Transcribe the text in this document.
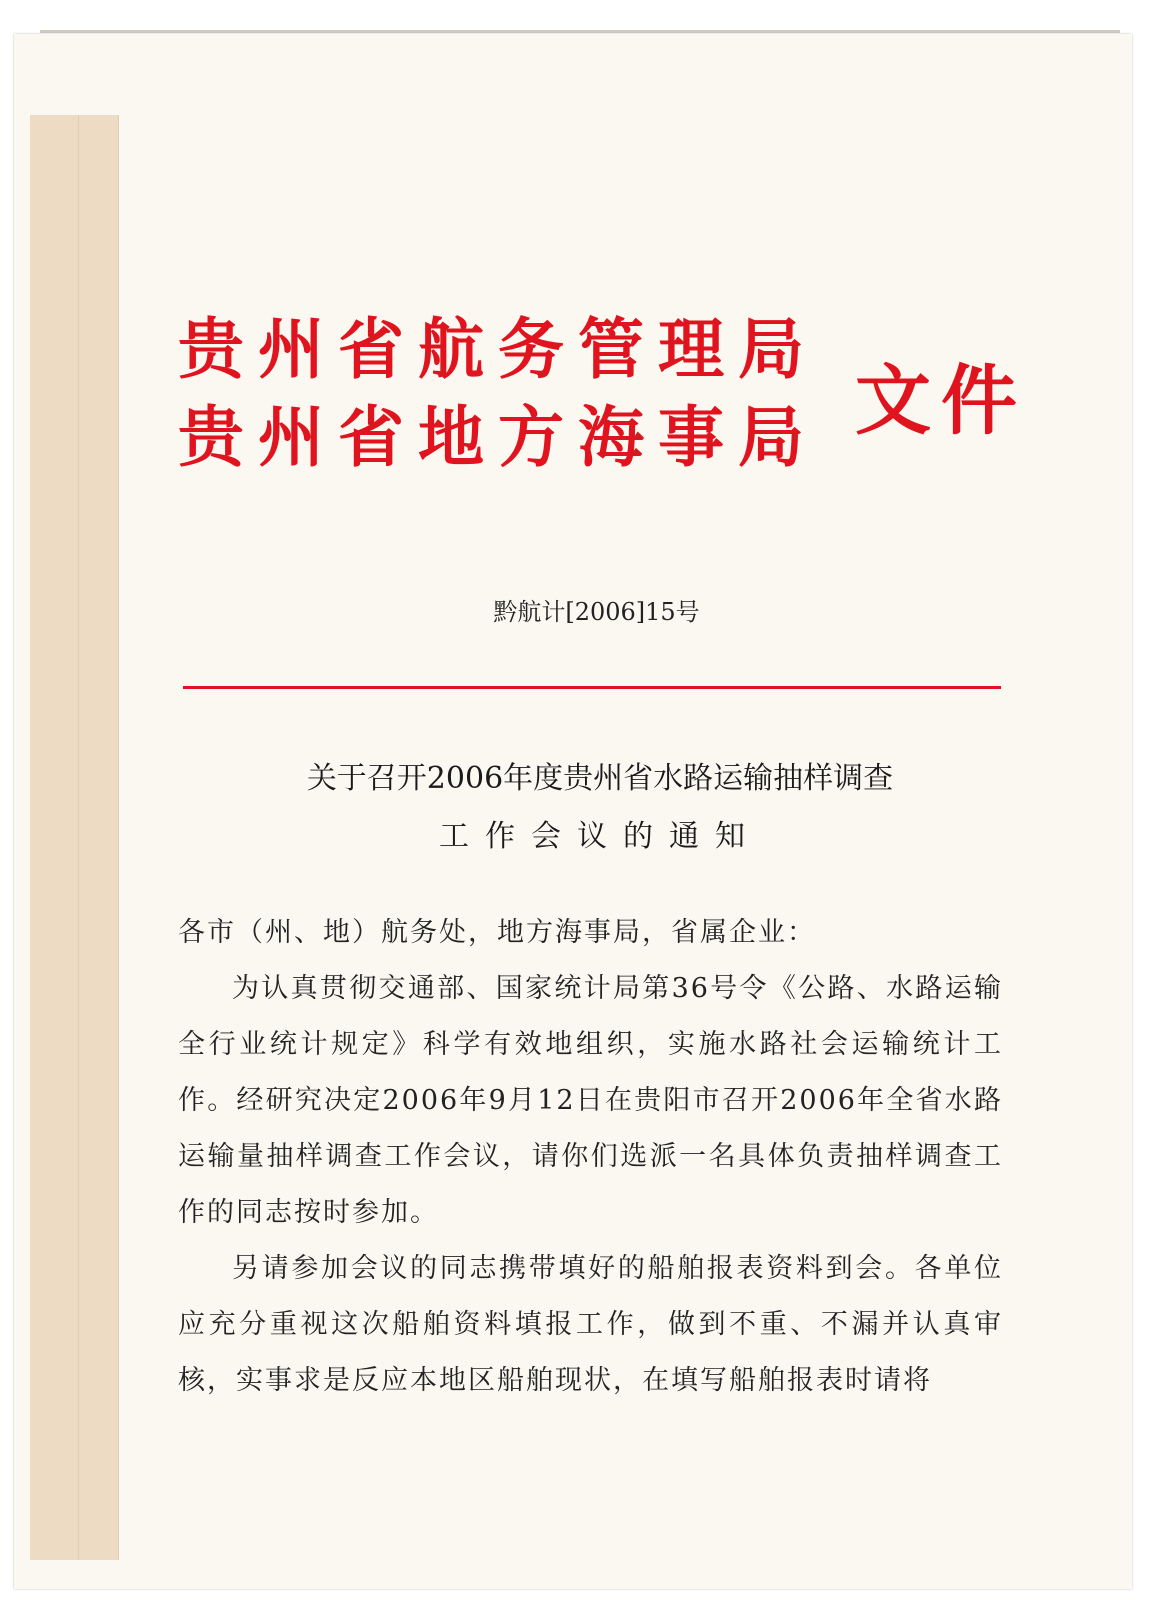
贵州省航务管理局
贵州省地方海事局 文件
黔航计[2006]15号
关于召开2006年度贵州省水路运输抽样调查
工作会议的通知

各市（州、地）航务处，地方海事局，省属企业：

为认真贯彻交通部、国家统计局第36号令《公路、水路运输全行业统计规定》科学有效地组织，实施水路社会运输统计工作。经研究决定2006年9月12日在贵阳市召开2006年全省水路运输量抽样调查工作会议，请你们选派一名具体负责抽样调查工作的同志按时参加。

另请参加会议的同志携带填好的船舶报表资料到会。各单位应充分重视这次船舶资料填报工作，做到不重、不漏并认真审核，实事求是反应本地区船舶现状，在填写船舶报表时请将
